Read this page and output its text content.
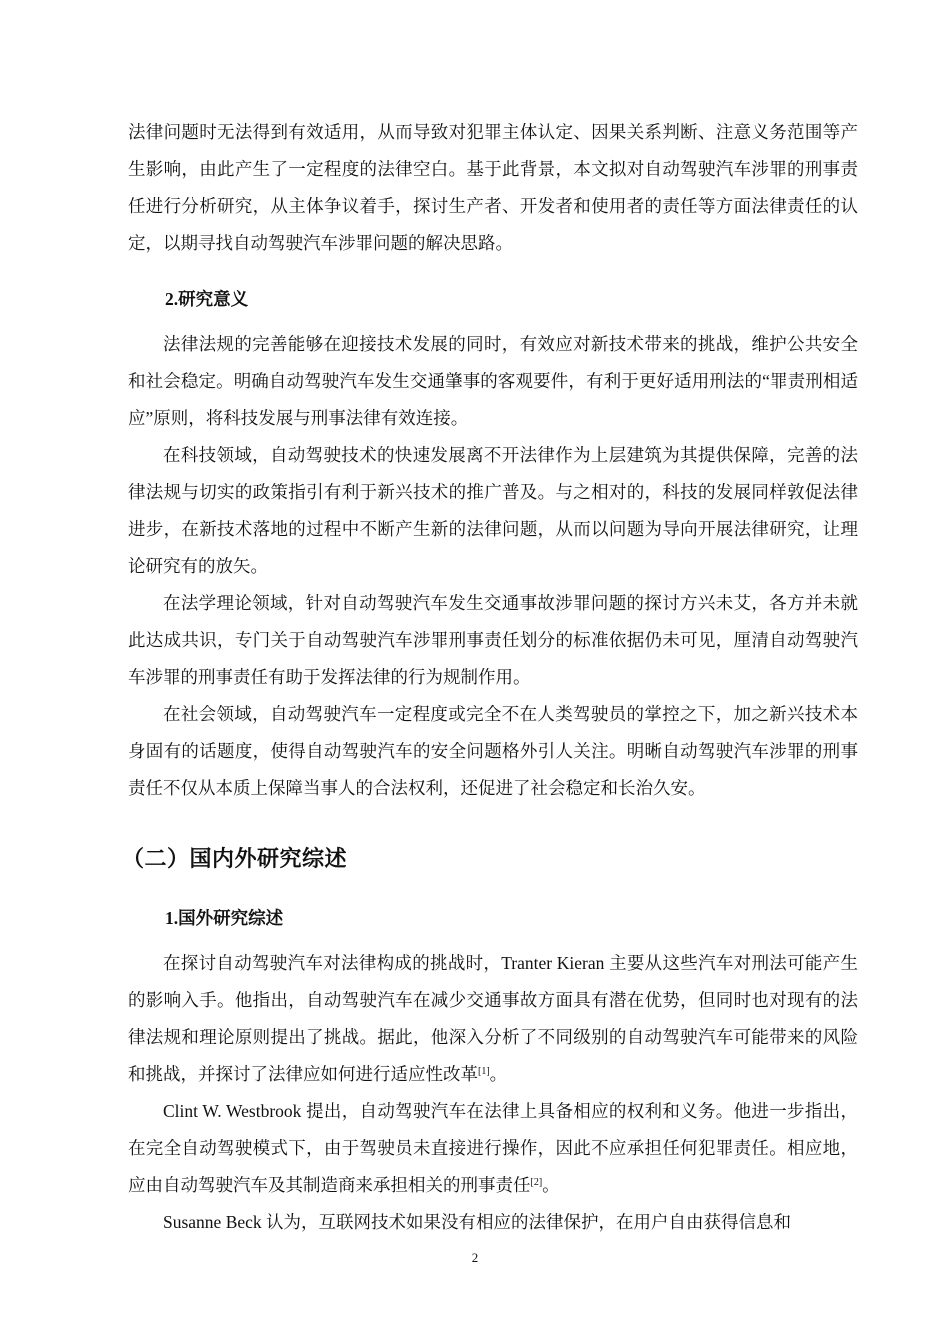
法律问题时无法得到有效适用，从而导致对犯罪主体认定、因果关系判断、注意义务范围等产生影响，由此产生了一定程度的法律空白。基于此背景，本文拟对自动驾驶汽车涉罪的刑事责任进行分析研究，从主体争议着手，探讨生产者、开发者和使用者的责任等方面法律责任的认定，以期寻找自动驾驶汽车涉罪问题的解决思路。

2.研究意义

法律法规的完善能够在迎接技术发展的同时，有效应对新技术带来的挑战，维护公共安全和社会稳定。明确自动驾驶汽车发生交通肇事的客观要件，有利于更好适用刑法的“罪责刑相适应”原则，将科技发展与刑事法律有效连接。

在科技领域，自动驾驶技术的快速发展离不开法律作为上层建筑为其提供保障，完善的法律法规与切实的政策指引有利于新兴技术的推广普及。与之相对的，科技的发展同样敦促法律进步，在新技术落地的过程中不断产生新的法律问题，从而以问题为导向开展法律研究，让理论研究有的放矢。

在法学理论领域，针对自动驾驶汽车发生交通事故涉罪问题的探讨方兴未艾，各方并未就此达成共识，专门关于自动驾驶汽车涉罪刑事责任划分的标准依据仍未可见，厘清自动驾驶汽车涉罪的刑事责任有助于发挥法律的行为规制作用。

在社会领域，自动驾驶汽车一定程度或完全不在人类驾驶员的掌控之下，加之新兴技术本身固有的话题度，使得自动驾驶汽车的安全问题格外引人关注。明晰自动驾驶汽车涉罪的刑事责任不仅从本质上保障当事人的合法权利，还促进了社会稳定和长治久安。

（二）国内外研究综述
1.国外研究综述

在探讨自动驾驶汽车对法律构成的挑战时，Tranter Kieran 主要从这些汽车对刑法可能产生的影响入手。他指出，自动驾驶汽车在减少交通事故方面具有潜在优势，但同时也对现有的法律法规和理论原则提出了挑战。据此，他深入分析了不同级别的自动驾驶汽车可能带来的风险和挑战，并探讨了法律应如何进行适应性改革[1]。

Clint W. Westbrook 提出，自动驾驶汽车在法律上具备相应的权利和义务。他进一步指出，在完全自动驾驶模式下，由于驾驶员未直接进行操作，因此不应承担任何犯罪责任。相应地，应由自动驾驶汽车及其制造商来承担相关的刑事责任[2]。

Susanne Beck 认为，互联网技术如果没有相应的法律保护，在用户自由获得信息和

2
